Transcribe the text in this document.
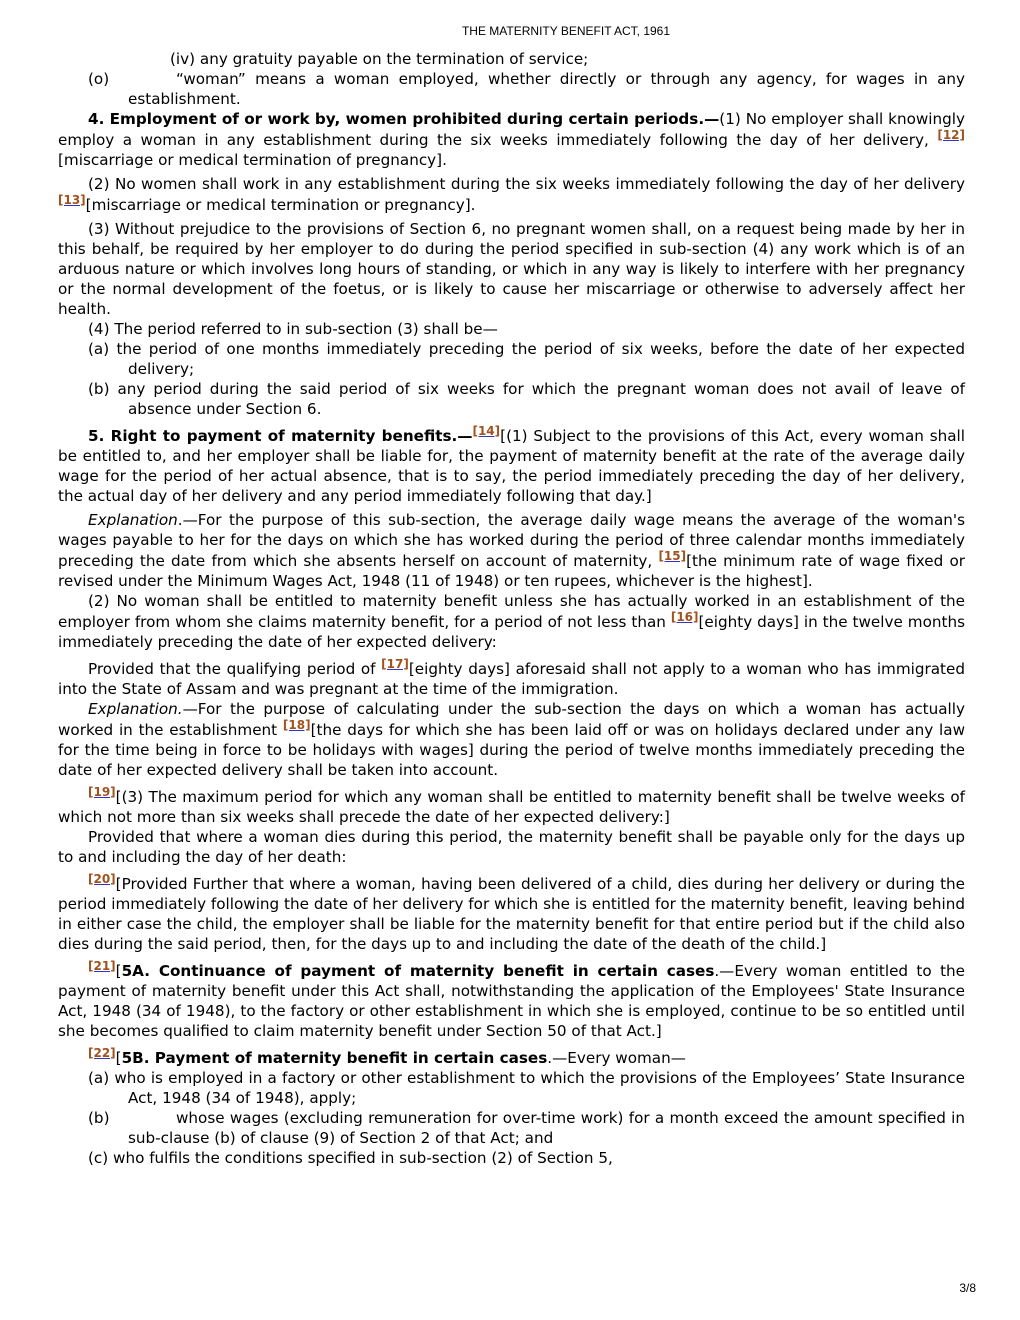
THE MATERNITY BENEFIT ACT, 1961

(iv) any gratuity payable on the termination of service;

(o)	“woman” means a woman employed, whether directly or through any agency, for wages in any establishment.

4. Employment of or work by, women prohibited during certain periods.—(1) No employer shall knowingly employ a woman in any establishment during the six weeks immediately following the day of her delivery, [12][miscarriage or medical termination of pregnancy].

(2) No women shall work in any establishment during the six weeks immediately following the day of her delivery [13][miscarriage or medical termination or pregnancy].

(3) Without prejudice to the provisions of Section 6, no pregnant women shall, on a request being made by her in this behalf, be required by her employer to do during the period specified in sub-section (4) any work which is of an arduous nature or which involves long hours of standing, or which in any way is likely to interfere with her pregnancy or the normal development of the foetus, or is likely to cause her miscarriage or otherwise to adversely affect her health.

(4) The period referred to in sub-section (3) shall be—

(a) the period of one months immediately preceding the period of six weeks, before the date of her expected delivery;

(b) any period during the said period of six weeks for which the pregnant woman does not avail of leave of absence under Section 6.

5. Right to payment of maternity benefits.—[14][(1) Subject to the provisions of this Act, every woman shall be entitled to, and her employer shall be liable for, the payment of maternity benefit at the rate of the average daily wage for the period of her actual absence, that is to say, the period immediately preceding the day of her delivery, the actual day of her delivery and any period immediately following that day.]

Explanation.—For the purpose of this sub-section, the average daily wage means the average of the woman's wages payable to her for the days on which she has worked during the period of three calendar months immediately preceding the date from which she absents herself on account of maternity, [15][the minimum rate of wage fixed or revised under the Minimum Wages Act, 1948 (11 of 1948) or ten rupees, whichever is the highest].

(2) No woman shall be entitled to maternity benefit unless she has actually worked in an establishment of the employer from whom she claims maternity benefit, for a period of not less than [16][eighty days] in the twelve months immediately preceding the date of her expected delivery:

Provided that the qualifying period of [17][eighty days] aforesaid shall not apply to a woman who has immigrated into the State of Assam and was pregnant at the time of the immigration.

Explanation.—For the purpose of calculating under the sub-section the days on which a woman has actually worked in the establishment [18][the days for which she has been laid off or was on holidays declared under any law for the time being in force to be holidays with wages] during the period of twelve months immediately preceding the date of her expected delivery shall be taken into account.

[19][(3) The maximum period for which any woman shall be entitled to maternity benefit shall be twelve weeks of which not more than six weeks shall precede the date of her expected delivery:]

Provided that where a woman dies during this period, the maternity benefit shall be payable only for the days up to and including the day of her death:

[20][Provided Further that where a woman, having been delivered of a child, dies during her delivery or during the period immediately following the date of her delivery for which she is entitled for the maternity benefit, leaving behind in either case the child, the employer shall be liable for the maternity benefit for that entire period but if the child also dies during the said period, then, for the days up to and including the date of the death of the child.]

[21][5A. Continuance of payment of maternity benefit in certain cases.—Every woman entitled to the payment of maternity benefit under this Act shall, notwithstanding the application of the Employees' State Insurance Act, 1948 (34 of 1948), to the factory or other establishment in which she is employed, continue to be so entitled until she becomes qualified to claim maternity benefit under Section 50 of that Act.]

[22][5B. Payment of maternity benefit in certain cases.—Every woman—

(a) who is employed in a factory or other establishment to which the provisions of the Employees’ State Insurance Act, 1948 (34 of 1948), apply;

(b)	whose wages (excluding remuneration for over-time work) for a month exceed the amount specified in sub-clause (b) of clause (9) of Section 2 of that Act; and

(c) who fulfils the conditions specified in sub-section (2) of Section 5,

3/8
